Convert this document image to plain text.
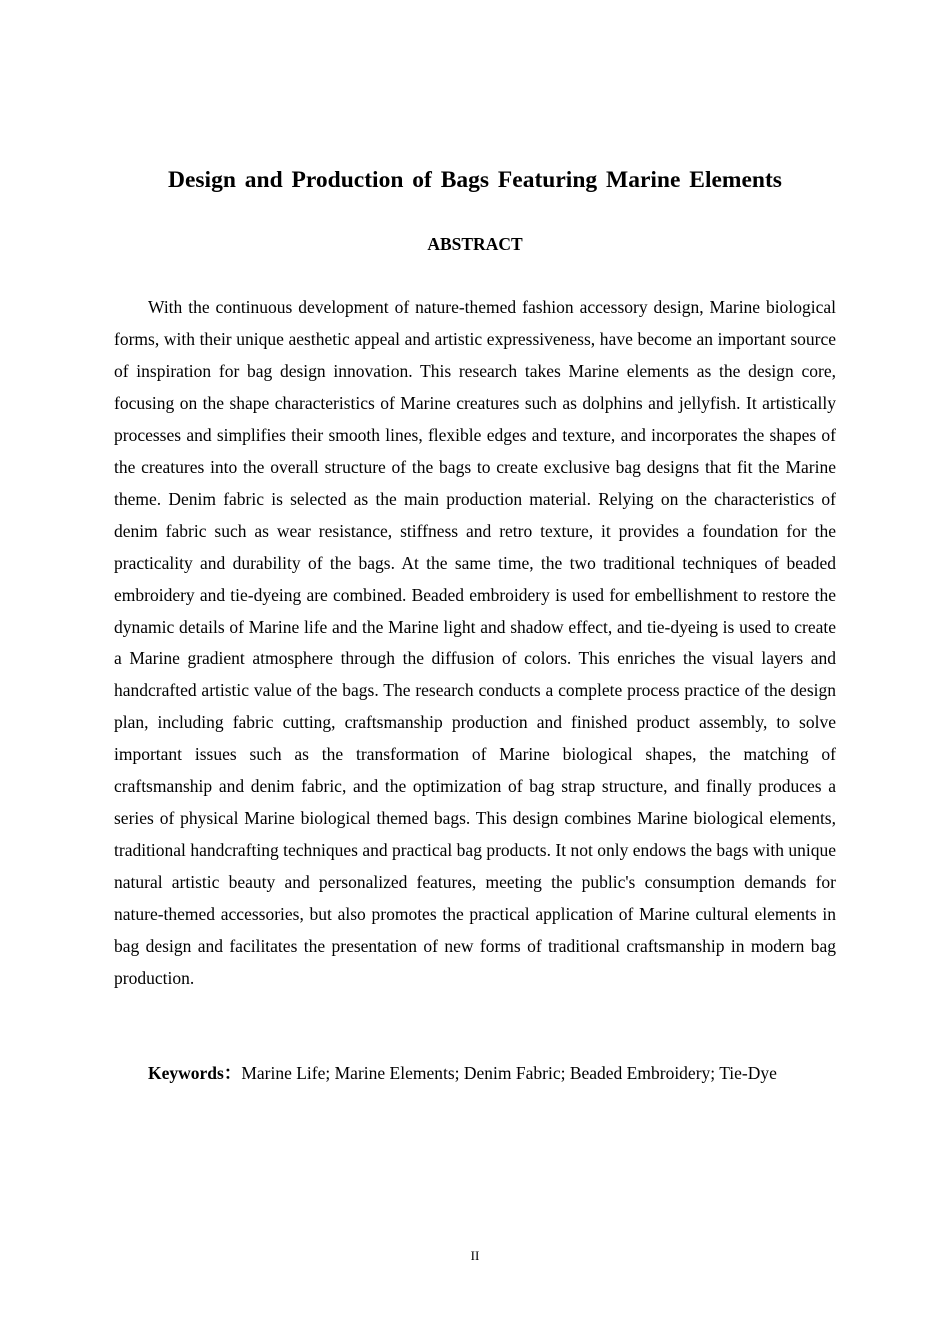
Design and Production of Bags Featuring Marine Elements
ABSTRACT

With the continuous development of nature-themed fashion accessory design, Marine biological forms, with their unique aesthetic appeal and artistic expressiveness, have become an important source of inspiration for bag design innovation. This research takes Marine elements as the design core, focusing on the shape characteristics of Marine creatures such as dolphins and jellyfish. It artistically processes and simplifies their smooth lines, flexible edges and texture, and incorporates the shapes of the creatures into the overall structure of the bags to create exclusive bag designs that fit the Marine theme. Denim fabric is selected as the main production material. Relying on the characteristics of denim fabric such as wear resistance, stiffness and retro texture, it provides a foundation for the practicality and durability of the bags. At the same time, the two traditional techniques of beaded embroidery and tie-dyeing are combined. Beaded embroidery is used for embellishment to restore the dynamic details of Marine life and the Marine light and shadow effect, and tie-dyeing is used to create a Marine gradient atmosphere through the diffusion of colors. This enriches the visual layers and handcrafted artistic value of the bags. The research conducts a complete process practice of the design plan, including fabric cutting, craftsmanship production and finished product assembly, to solve important issues such as the transformation of Marine biological shapes, the matching of craftsmanship and denim fabric, and the optimization of bag strap structure, and finally produces a series of physical Marine biological themed bags. This design combines Marine biological elements, traditional handcrafting techniques and practical bag products. It not only endows the bags with unique natural artistic beauty and personalized features, meeting the public's consumption demands for nature-themed accessories, but also promotes the practical application of Marine cultural elements in bag design and facilitates the presentation of new forms of traditional craftsmanship in modern bag production.

Keywords：Marine Life; Marine Elements; Denim Fabric; Beaded Embroidery; Tie-Dye

II
